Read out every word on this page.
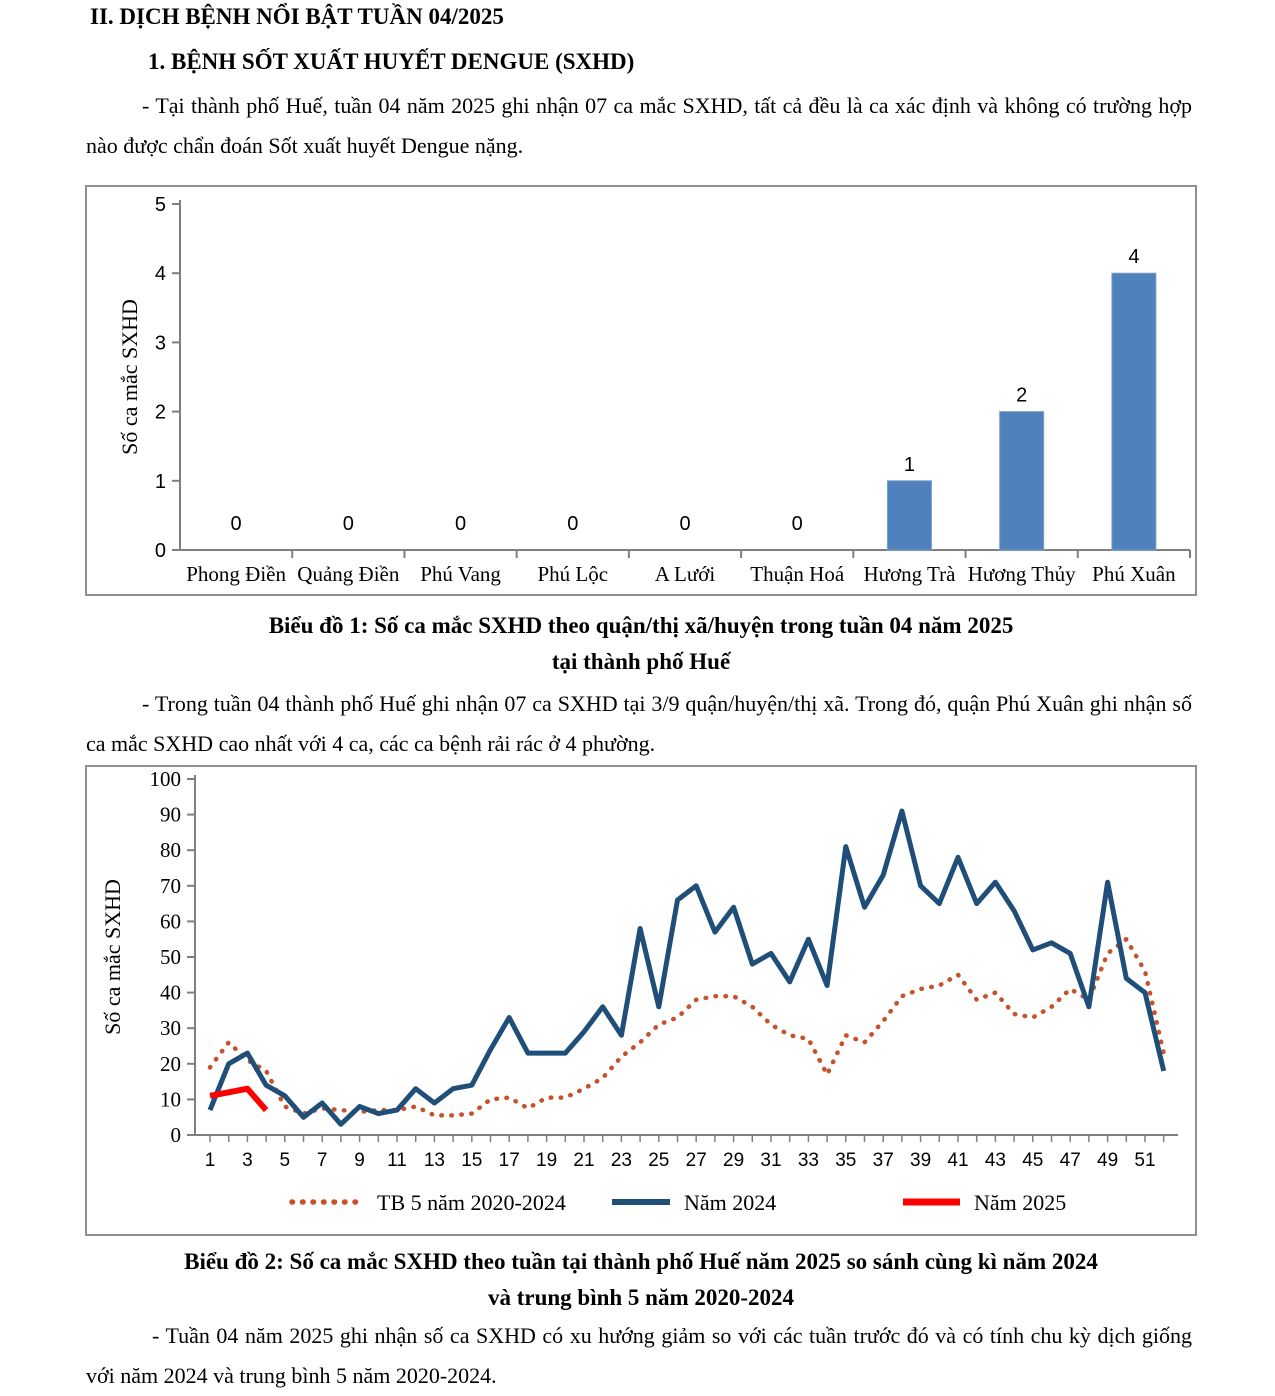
II. DỊCH BỆNH NỔI BẬT TUẦN 04/2025
1. BỆNH SỐT XUẤT HUYẾT DENGUE (SXHD)
- Tại thành phố Huế, tuần 04 năm 2025 ghi nhận 07 ca mắc SXHD, tất cả đều là ca xác định và không có trường hợp nào được chẩn đoán Sốt xuất huyết Dengue nặng.
0
1
2
3
4
5
Phong Điền Quảng Điền Phú Vang Phú Lộc A Lưới Thuận Hoá Hương Trà Hương Thủy Phú Xuân
0	0	0	0	0	0
1
2
4
Số ca mắc SXHD
Biểu đồ 1: Số ca mắc SXHD theo quận/thị xã/huyện trong tuần 04 năm 2025
tại thành phố Huế
- Trong tuần 04 thành phố Huế ghi nhận 07 ca SXHD tại 3/9 quận/huyện/thị xã. Trong đó, quận Phú Xuân ghi nhận số ca mắc SXHD cao nhất với 4 ca, các ca bệnh rải rác ở 4 phường.
0
10
20
30
40
50
60
70
80
90
100
1 3 5 7 9 11 13 15 17 19 21 23 25 27 29 31 33 35 37 39 41 43 45 47 49 51
TB 5 năm 2020-2024	Năm 2024	Năm 2025
Số ca mắc SXHD
Biểu đồ 2: Số ca mắc SXHD theo tuần tại thành phố Huế năm 2025 so sánh cùng kì năm 2024
và trung bình 5 năm 2020-2024
- Tuần 04 năm 2025 ghi nhận số ca SXHD có xu hướng giảm so với các tuần trước đó và có tính chu kỳ dịch giống với năm 2024 và trung bình 5 năm 2020-2024.
